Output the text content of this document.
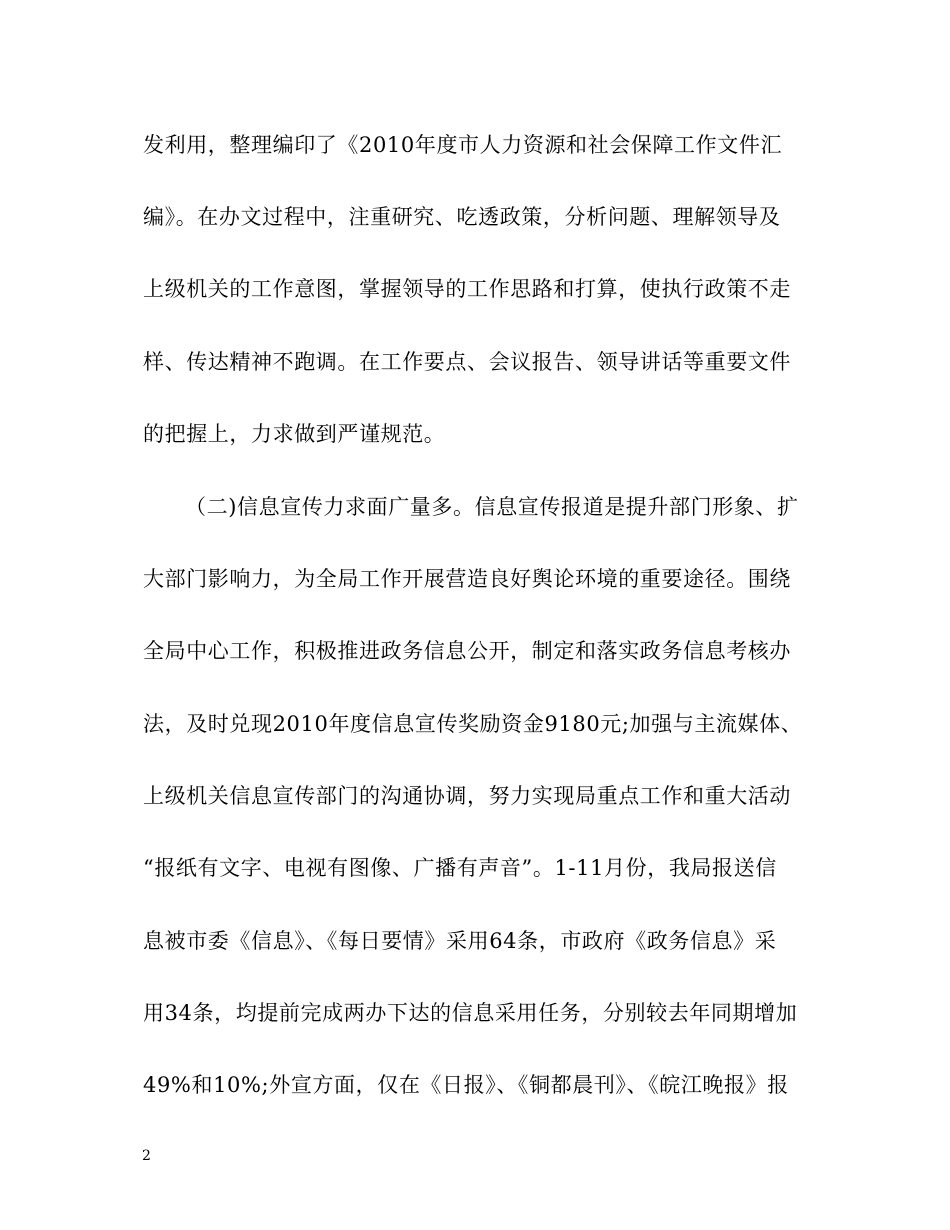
发利用，整理编印了《2010年度市人力资源和社会保障工作文件汇
编》。在办文过程中，注重研究、吃透政策，分析问题、理解领导及
上级机关的工作意图，掌握领导的工作思路和打算，使执行政策不走
样、传达精神不跑调。在工作要点、会议报告、领导讲话等重要文件
的把握上，力求做到严谨规范。
（二)信息宣传力求面广量多。信息宣传报道是提升部门形象、扩
大部门影响力，为全局工作开展营造良好舆论环境的重要途径。围绕
全局中心工作，积极推进政务信息公开，制定和落实政务信息考核办
法，及时兑现2010年度信息宣传奖励资金9180元;加强与主流媒体、
上级机关信息宣传部门的沟通协调，努力实现局重点工作和重大活动
“报纸有文字、电视有图像、广播有声音”。1-11月份，我局报送信
息被市委《信息》、《每日要情》采用64条，市政府《政务信息》采
用34条，均提前完成两办下达的信息采用任务，分别较去年同期增加
49%和10%;外宣方面，仅在《日报》、《铜都晨刊》、《皖江晚报》报
2
